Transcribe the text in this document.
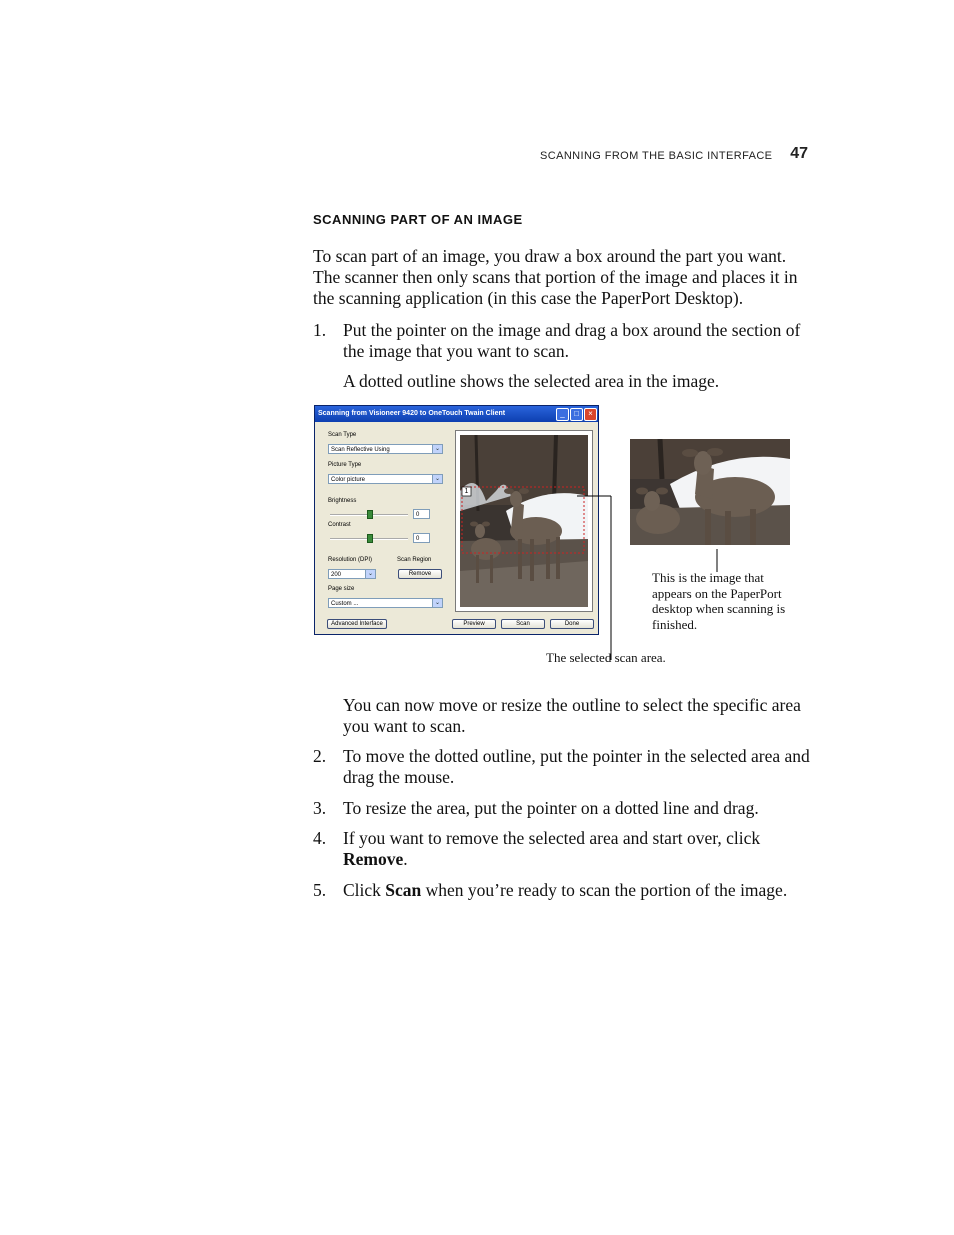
SCANNING FROM THE BASIC INTERFACE 47
SCANNING PART OF AN IMAGE
To scan part of an image, you draw a box around the part you want. The scanner then only scans that portion of the image and places it in the scanning application (in this case the PaperPort Desktop).
1. Put the pointer on the image and drag a box around the section of the image that you want to scan.
A dotted outline shows the selected area in the image.
Scanning from Visioneer 9420 to OneTouch Twain Client	_	□	×
Scan Type
Scan Reflective Using	⌄
Picture Type
Color picture	⌄
Brightness
0
Contrast
0
Resolution (DPI)	Scan Region
200	⌄	Remove
Page size
Custom ...	⌄
1
Advanced Interface	Preview	Scan	Done
This is the image that appears on the PaperPort desktop when scanning is finished.
The selected scan area.
You can now move or resize the outline to select the specific area you want to scan.
2. To move the dotted outline, put the pointer in the selected area and drag the mouse.
3. To resize the area, put the pointer on a dotted line and drag.
4. If you want to remove the selected area and start over, click Remove.
5. Click Scan when you’re ready to scan the portion of the image.
